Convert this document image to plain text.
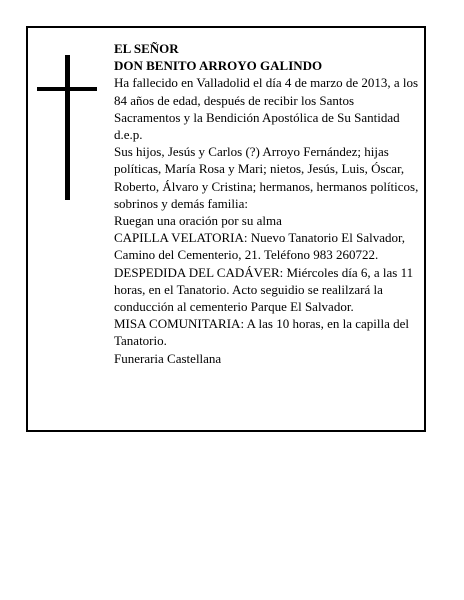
EL SEÑOR

DON BENITO ARROYO GALINDO

Ha fallecido en Valladolid el día 4 de marzo de 2013, a los 84 años de edad, después de recibir los Santos Sacramentos y la Bendición Apostólica de Su Santidad d.e.p.

Sus hijos, Jesús y Carlos (?) Arroyo Fernández; hijas políticas, María Rosa y Mari; nietos, Jesús, Luis, Óscar, Roberto, Álvaro y Cristina; hermanos, hermanos políticos, sobrinos y demás familia:

Ruegan una oración por su alma

CAPILLA VELATORIA: Nuevo Tanatorio El Salvador, Camino del Cementerio, 21. Teléfono 983 260722.

DESPEDIDA DEL CADÁVER: Miércoles día 6, a las 11 horas, en el Tanatorio. Acto seguidio se realilzará la conducción al cementerio Parque El Salvador.

MISA COMUNITARIA: A las 10 horas, en la capilla del Tanatorio.

Funeraria Castellana
